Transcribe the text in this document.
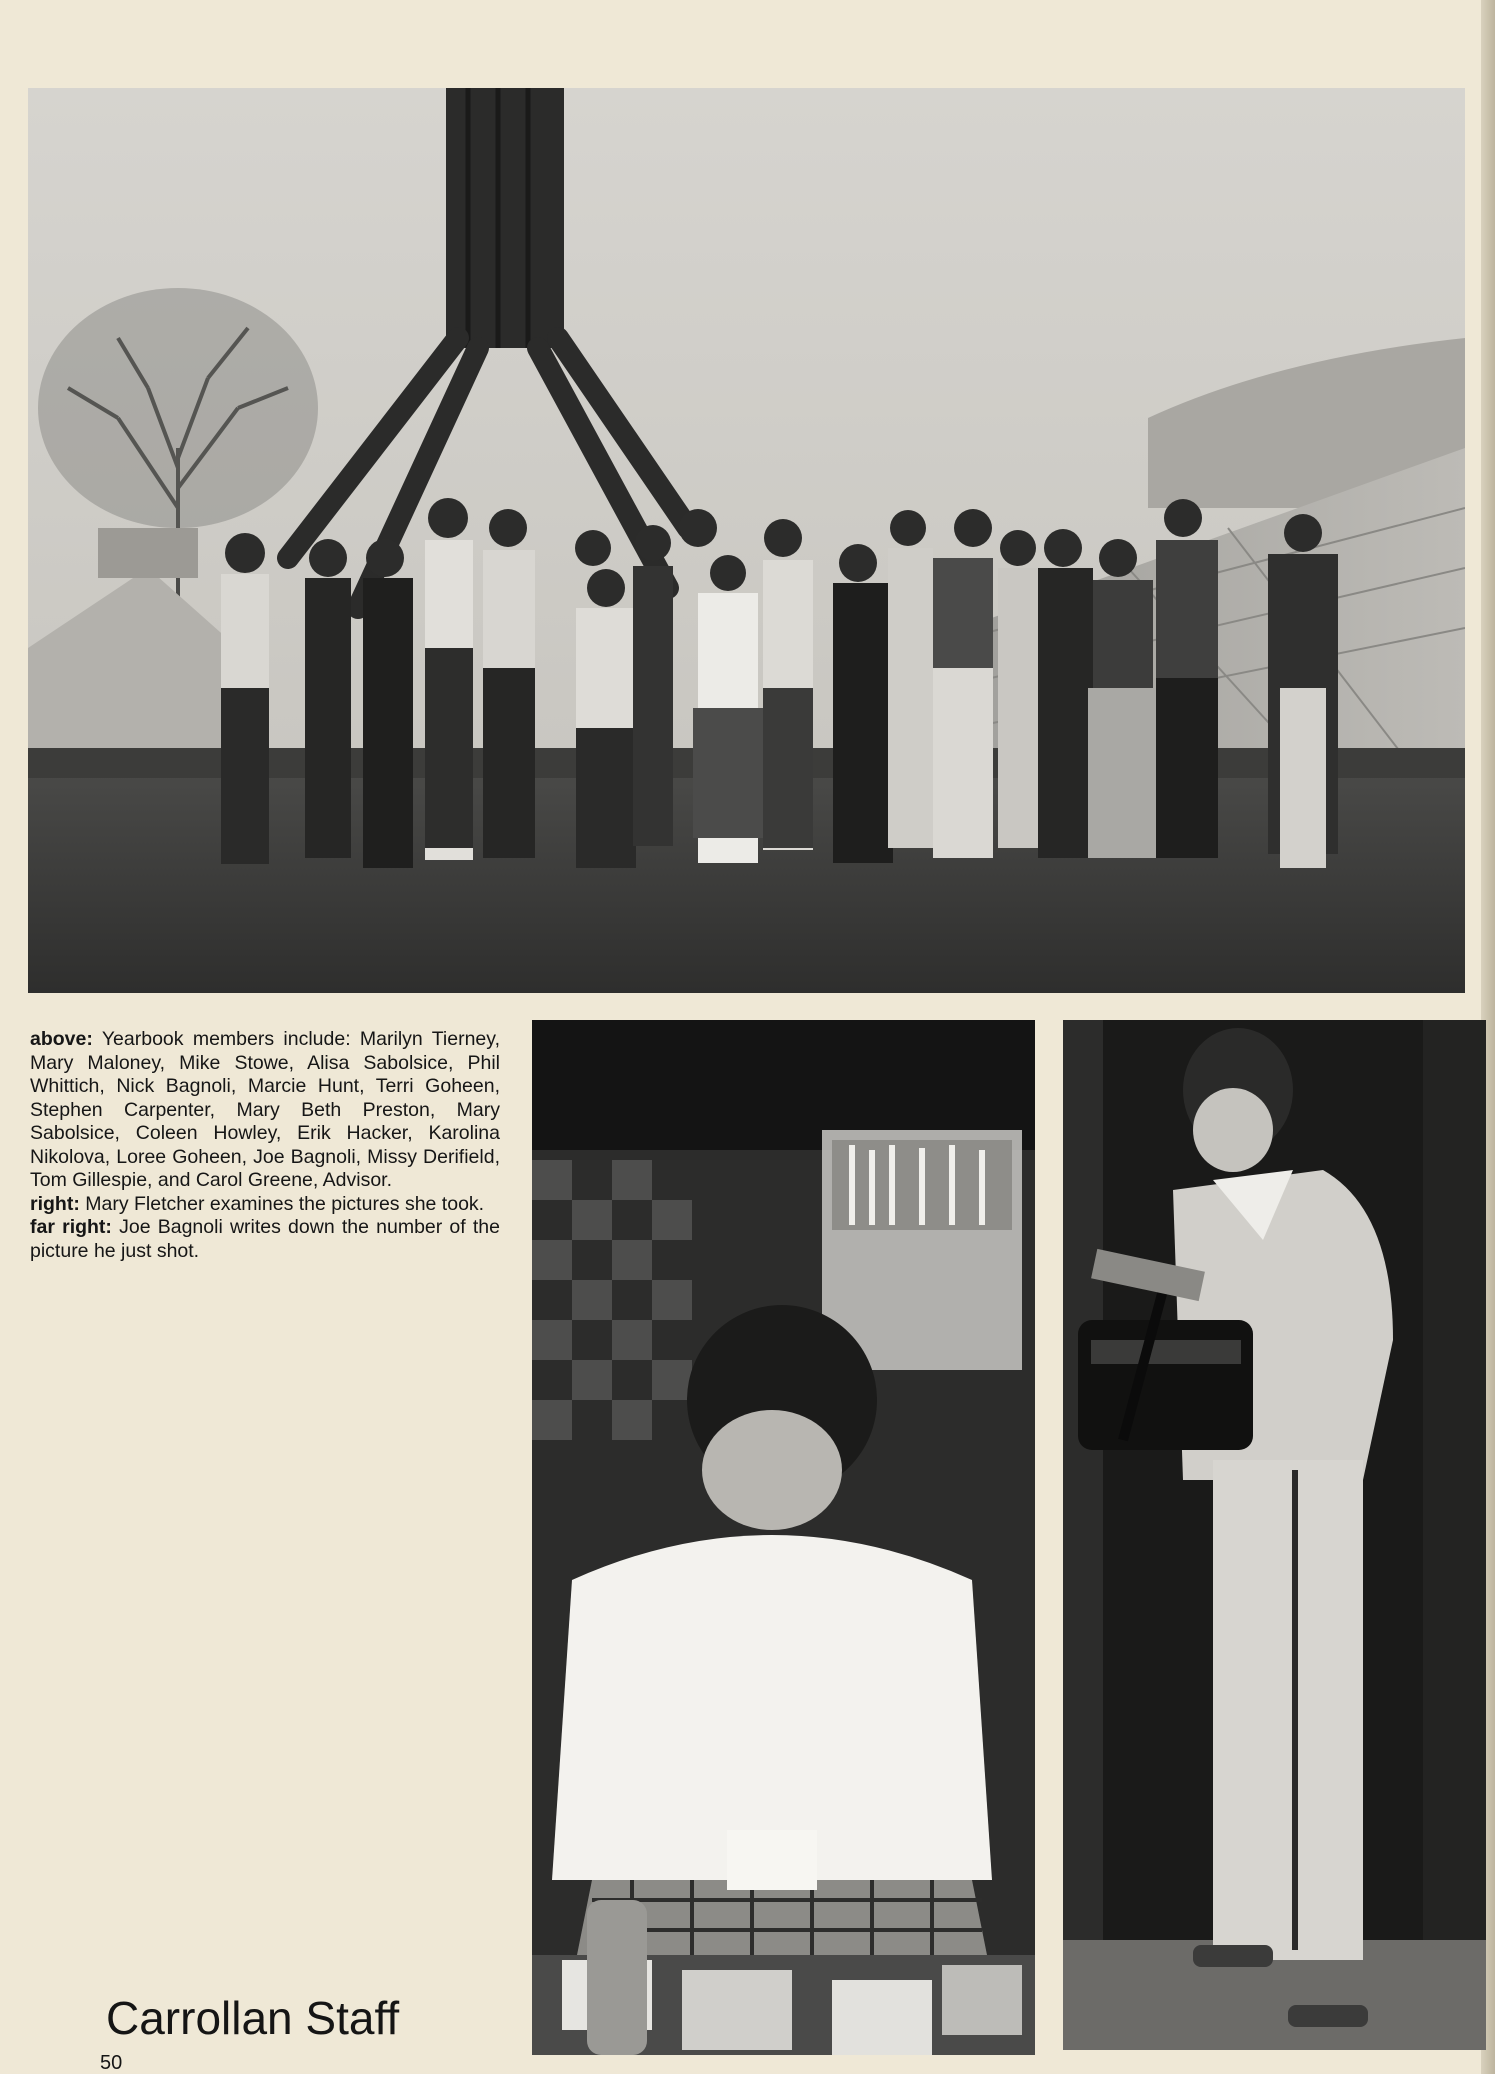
above: Yearbook members include: Marilyn Tierney, Mary Maloney, Mike Stowe, Alisa Sabolsice, Phil Whittich, Nick Bagnoli, Marcie Hunt, Terri Goheen, Stephen Carpenter, Mary Beth Preston, Mary Sabolsice, Coleen Howley, Erik Hacker, Karolina Nikolova, Loree Goheen, Joe Bagnoli, Missy Derifield, Tom Gillespie, and Carol Greene, Advisor.

right: Mary Fletcher examines the pictures she took.

far right: Joe Bagnoli writes down the number of the picture he just shot.

Carrollan Staff
50
